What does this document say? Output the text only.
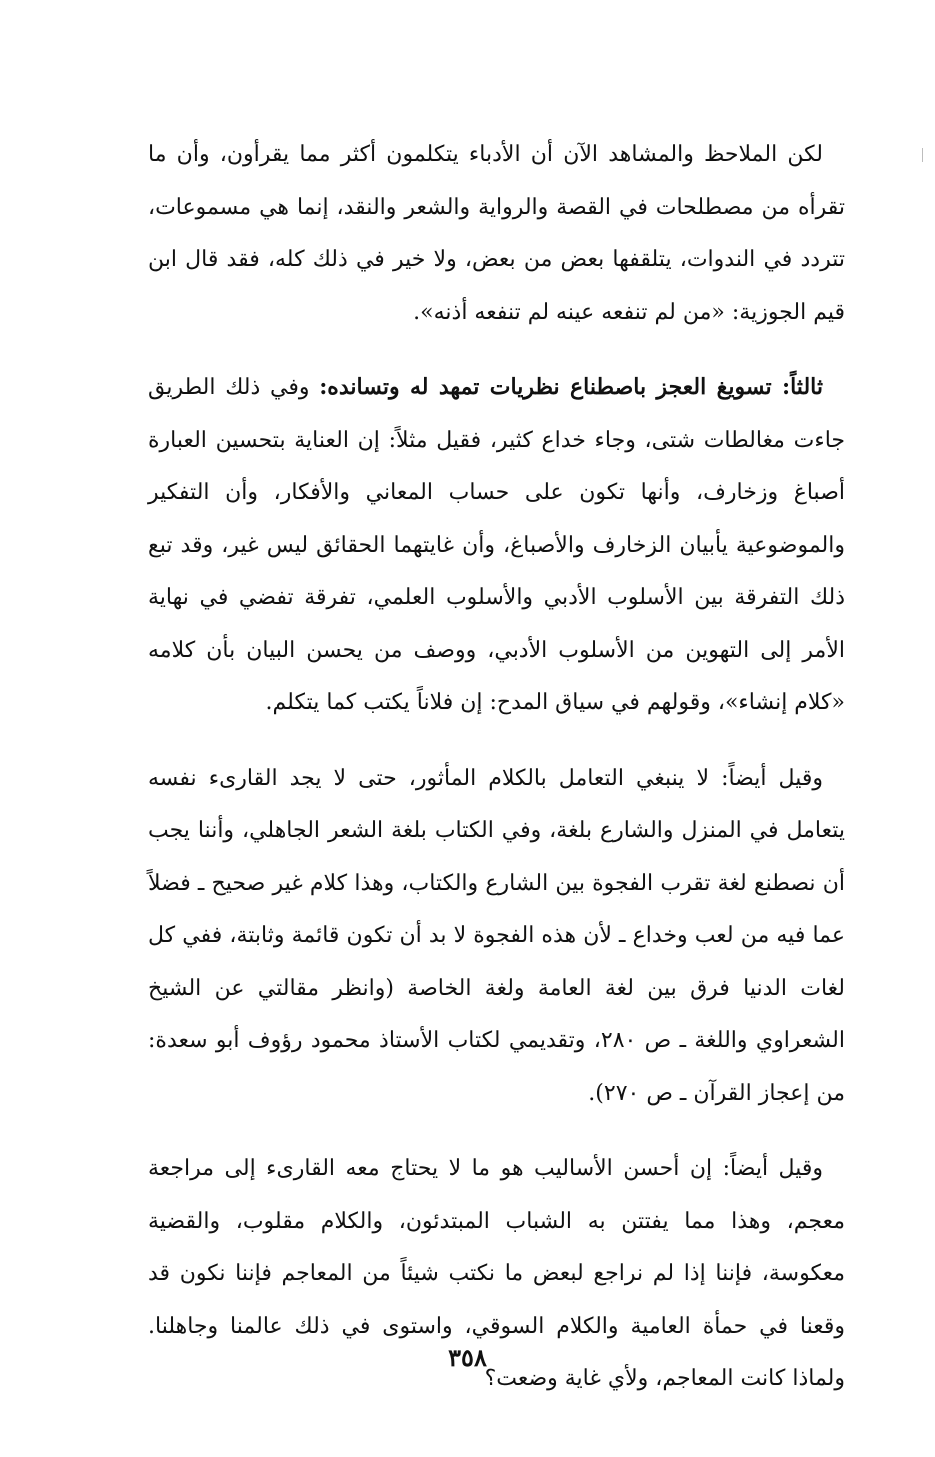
لكن الملاحظ والمشاهد الآن أن الأدباء يتكلمون أكثر مما يقرأون، وأن ما تقرأه من مصطلحات في القصة والرواية والشعر والنقد، إنما هي مسموعات، تتردد في الندوات، يتلقفها بعض من بعض، ولا خير في ذلك كله، فقد قال ابن قيم الجوزية: «من لم تنفعه عينه لم تنفعه أذنه».

ثالثاً: تسويغ العجز باصطناع نظريات تمهد له وتسانده: وفي ذلك الطريق جاءت مغالطات شتى، وجاء خداع كثير، فقيل مثلاً: إن العناية بتحسين العبارة أصباغ وزخارف، وأنها تكون على حساب المعاني والأفكار، وأن التفكير والموضوعية يأبيان الزخارف والأصباغ، وأن غايتهما الحقائق ليس غير، وقد تبع ذلك التفرقة بين الأسلوب الأدبي والأسلوب العلمي، تفرقة تفضي في نهاية الأمر إلى التهوين من الأسلوب الأدبي، ووصف من يحسن البيان بأن كلامه «كلام إنشاء»، وقولهم في سياق المدح: إن فلاناً يكتب كما يتكلم.

وقيل أيضاً: لا ينبغي التعامل بالكلام المأثور، حتى لا يجد القارىء نفسه يتعامل في المنزل والشارع بلغة، وفي الكتاب بلغة الشعر الجاهلي، وأننا يجب أن نصطنع لغة تقرب الفجوة بين الشارع والكتاب، وهذا كلام غير صحيح ـ فضلاً عما فيه من لعب وخداع ـ لأن هذه الفجوة لا بد أن تكون قائمة وثابتة، ففي كل لغات الدنيا فرق بين لغة العامة ولغة الخاصة (وانظر مقالتي عن الشيخ الشعراوي واللغة ـ ص ٢٨٠، وتقديمي لكتاب الأستاذ محمود رؤوف أبو سعدة: من إعجاز القرآن ـ ص ٢٧٠).

وقيل أيضاً: إن أحسن الأساليب هو ما لا يحتاج معه القارىء إلى مراجعة معجم، وهذا مما يفتتن به الشباب المبتدئون، والكلام مقلوب، والقضية معكوسة، فإننا إذا لم نراجع لبعض ما نكتب شيئاً من المعاجم فإننا نكون قد وقعنا في حمأة العامية والكلام السوقي، واستوى في ذلك عالمنا وجاهلنا. ولماذا كانت المعاجم، ولأي غاية وضعت؟

٣٥٨
